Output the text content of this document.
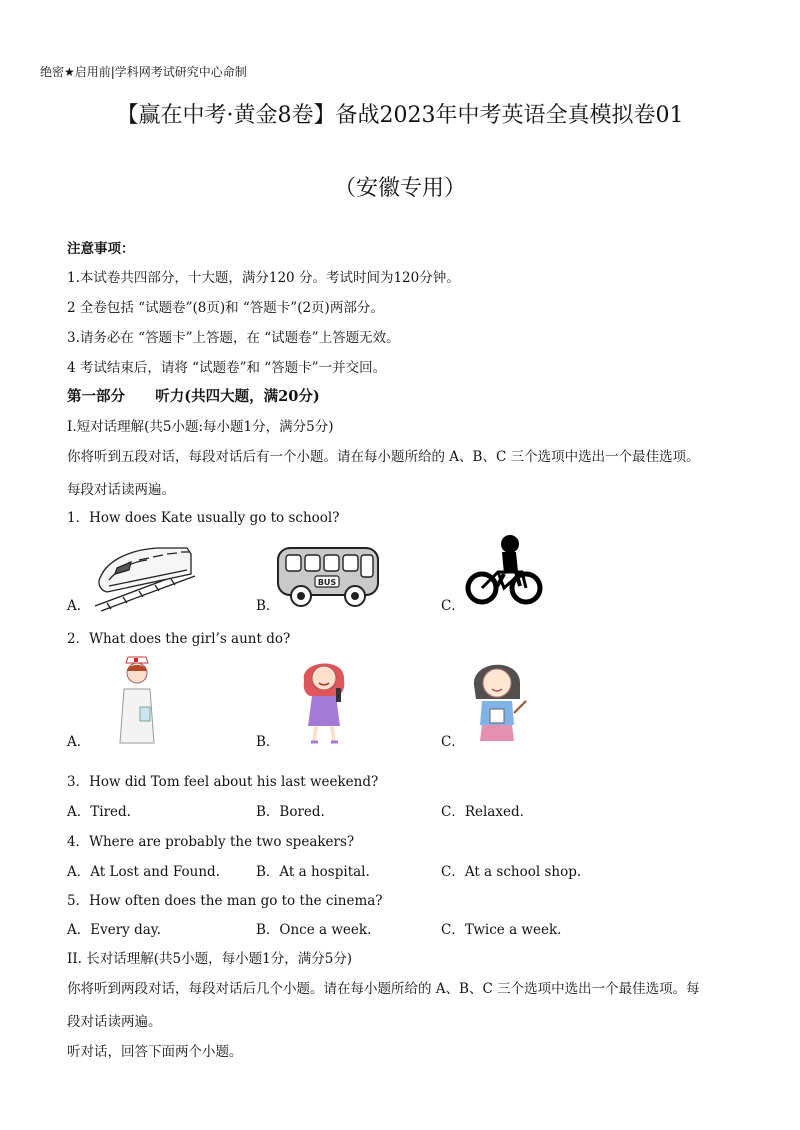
绝密★启用前|学科网考试研究中心命制
【赢在中考·黄金8卷】备战2023年中考英语全真模拟卷01
（安徽专用）
注意事项：
1.本试卷共四部分，十大题，满分120 分。考试时间为120分钟。
2 全卷包括 “试题卷”(8页)和 “答题卡”(2页)两部分。
3.请务必在 “答题卡”上答题，在 “试题卷”上答题无效。
4 考试结束后，请将 “试题卷”和 “答题卡”一并交回。
第一部分      听力(共四大题，满20分)
I.短对话理解(共5小题:每小题1分，满分5分)
你将听到五段对话，每段对话后有一个小题。请在每小题所给的 A、B、C 三个选项中选出一个最佳选项。
每段对话读两遍。
1．How does Kate usually go to school?
BUS
A．	B．	C．
2．What does the girl’s aunt do?
A．	B．	C．
3．How did Tom feel about his last weekend?
A．Tired.	B．Bored.	C．Relaxed.
4．Where are probably the two speakers?
A．At Lost and Found.	B．At a hospital.	C．At a school shop.
5．How often does the man go to the cinema?
A．Every day.	B．Once a week.	C．Twice a week.
II. 长对话理解(共5小题，每小题1分，满分5分)
你将听到两段对话，每段对话后几个小题。请在每小题所给的 A、B、C 三个选项中选出一个最佳选项。每
段对话读两遍。
听对话，回答下面两个小题。
